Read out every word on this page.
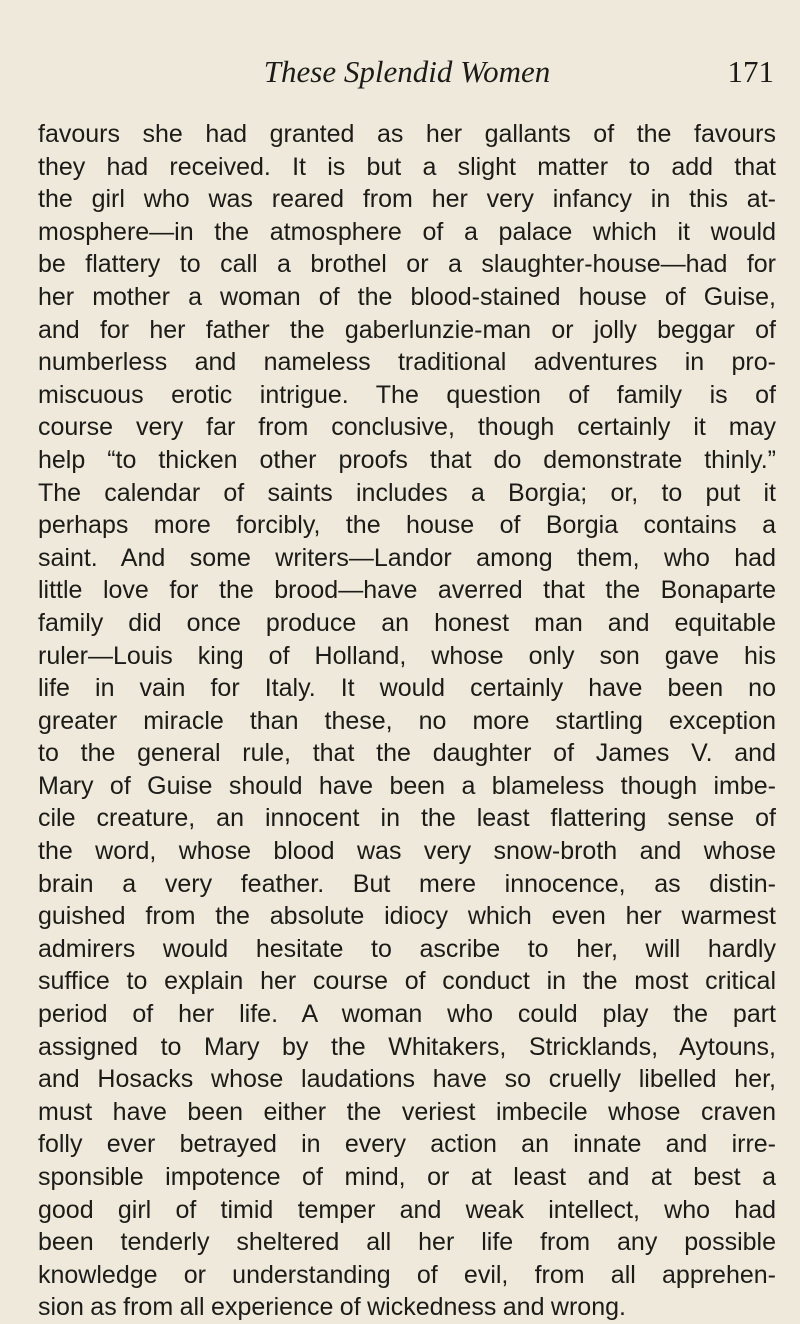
These Splendid Women	171
favours she had granted as her gallants of the favours
they had received. It is but a slight matter to add that
the girl who was reared from her very infancy in this at-
mosphere—in the atmosphere of a palace which it would
be flattery to call a brothel or a slaughter-house—had for
her mother a woman of the blood-stained house of Guise,
and for her father the gaberlunzie-man or jolly beggar of
numberless and nameless traditional adventures in pro-
miscuous erotic intrigue. The question of family is of
course very far from conclusive, though certainly it may
help “to thicken other proofs that do demonstrate thinly.”
The calendar of saints includes a Borgia; or, to put it
perhaps more forcibly, the house of Borgia contains a
saint. And some writers—Landor among them, who had
little love for the brood—have averred that the Bonaparte
family did once produce an honest man and equitable
ruler—Louis king of Holland, whose only son gave his
life in vain for Italy. It would certainly have been no
greater miracle than these, no more startling exception
to the general rule, that the daughter of James V. and
Mary of Guise should have been a blameless though imbe-
cile creature, an innocent in the least flattering sense of
the word, whose blood was very snow-broth and whose
brain a very feather. But mere innocence, as distin-
guished from the absolute idiocy which even her warmest
admirers would hesitate to ascribe to her, will hardly
suffice to explain her course of conduct in the most critical
period of her life. A woman who could play the part
assigned to Mary by the Whitakers, Stricklands, Aytouns,
and Hosacks whose laudations have so cruelly libelled her,
must have been either the veriest imbecile whose craven
folly ever betrayed in every action an innate and irre-
sponsible impotence of mind, or at least and at best a
good girl of timid temper and weak intellect, who had
been tenderly sheltered all her life from any possible
knowledge or understanding of evil, from all apprehen-
sion as from all experience of wickedness and wrong.
